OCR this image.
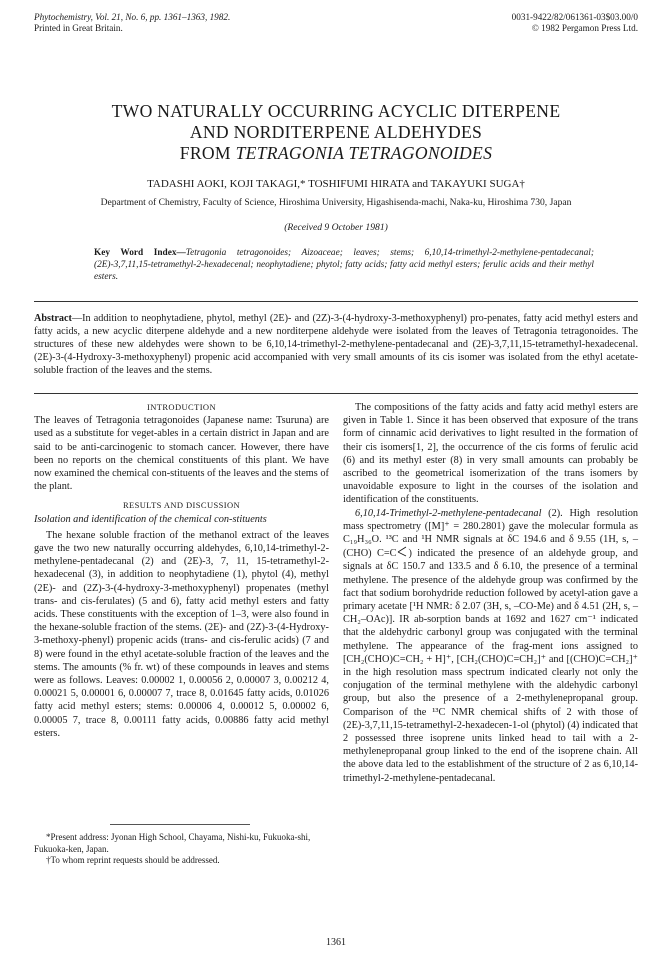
Phytochemistry, Vol. 21, No. 6, pp. 1361–1363, 1982.
Printed in Great Britain.
0031-9422/82/061361-03$03.00/0
© 1982 Pergamon Press Ltd.
TWO NATURALLY OCCURRING ACYCLIC DITERPENE
AND NORDITERPENE ALDEHYDES
FROM TETRAGONIA TETRAGONOIDES
TADASHI AOKI, KOJI TAKAGI,* TOSHIFUMI HIRATA and TAKAYUKI SUGA†
Department of Chemistry, Faculty of Science, Hiroshima University, Higashisenda-machi, Naka-ku, Hiroshima 730, Japan
(Received 9 October 1981)
Key Word Index—Tetragonia tetragonoides; Aizoaceae; leaves; stems; 6,10,14-trimethyl-2-methylene-pentadecanal; (2E)-3,7,11,15-tetramethyl-2-hexadecenal; neophytadiene; phytol; fatty acids; fatty acid methyl esters; ferulic acids and their methyl esters.
Abstract—In addition to neophytadiene, phytol, methyl (2E)- and (2Z)-3-(4-hydroxy-3-methoxyphenyl) pro-penates, fatty acid methyl esters and fatty acids, a new acyclic diterpene aldehyde and a new norditerpene aldehyde were isolated from the leaves of Tetragonia tetragonoides. The structures of these new aldehydes were shown to be 6,10,14-trimethyl-2-methylene-pentadecanal and (2E)-3,7,11,15-tetramethyl-hexadecenal. (2E)-3-(4-Hydroxy-3-methoxyphenyl) propenic acid accompanied with very small amounts of its cis isomer was isolated from the ethyl acetate-soluble fraction of the leaves and the stems.
INTRODUCTION

The leaves of Tetragonia tetragonoides (Japanese name: Tsuruna) are used as a substitute for veget-ables in a certain district in Japan and are said to be anti-carcinogenic to stomach cancer. However, there have been no reports on the chemical constituents of this plant. We have now examined the chemical con-stituents of the leaves and the stems of the plant.

RESULTS AND DISCUSSION

Isolation and identification of the chemical con-stituents

The hexane soluble fraction of the methanol extract of the leaves gave the two new naturally occurring aldehydes, 6,10,14-trimethyl-2-methylene-pentadecanal (2) and (2E)-3, 7, 11, 15-tetramethyl-2-hexadecenal (3), in addition to neophytadiene (1), phytol (4), methyl (2E)- and (2Z)-3-(4-hydroxy-3-methoxyphenyl) propenates (methyl trans- and cis-ferulates) (5 and 6), fatty acid methyl esters and fatty acids. These constituents with the exception of 1–3, were also found in the hexane-soluble fraction of the stems. (2E)- and (2Z)-3-(4-Hydroxy-3-methoxy-phenyl) propenic acids (trans- and cis-ferulic acids) (7 and 8) were found in the ethyl acetate-soluble fraction of the leaves and the stems. The amounts (% fr. wt) of these compounds in leaves and stems were as follows. Leaves: 0.00002 1, 0.00056 2, 0.00007 3, 0.00212 4, 0.00021 5, 0.00001 6, 0.00007 7, trace 8, 0.01645 fatty acids, 0.01026 fatty acid methyl esters; stems: 0.00006 4, 0.00012 5, 0.00002 6, 0.00005 7, trace 8, 0.00111 fatty acids, 0.00886 fatty acid methyl esters.

*Present address: Jyonan High School, Chayama, Nishi-ku, Fukuoka-shi, Fukuoka-ken, Japan.
†To whom reprint requests should be addressed.

The compositions of the fatty acids and fatty acid methyl esters are given in Table 1. Since it has been observed that exposure of the trans form of cinnamic acid derivatives to light resulted in the formation of their cis isomers[1, 2], the occurrence of the cis forms of ferulic acid (6) and its methyl ester (8) in very small amounts can probably be ascribed to the geometrical isomerization of the trans isomers by unavoidable exposure to light in the courses of the isolation and identification of the constituents.

6,10,14-Trimethyl-2-methylene-pentadecanal (2). High resolution mass spectrometry ([M]⁺ = 280.2801) gave the molecular formula as C₁₉H₃₆O. ¹³C and ¹H NMR signals at δC 194.6 and δ 9.55 (1H, s, –(CHO) C=C ) indicated the presence of an aldehyde group, and signals at δC 150.7 and 133.5 and δ 6.10, the presence of a terminal methylene. The presence of the aldehyde group was confirmed by the fact that sodium borohydride reduction followed by acetyl-ation gave a primary acetate [¹H NMR: δ 2.07 (3H, s, –CO-Me) and δ 4.51 (2H, s, –CH₂–OAc)]. IR ab-sorption bands at 1692 and 1627 cm⁻¹ indicated that the aldehydric carbonyl group was conjugated with the terminal methylene. The appearance of the frag-ment ions assigned to [CH₂(CHO)C=CH₂ + H]⁺, [CH₂(CHO)C=CH₂]⁺ and [(CHO)C=CH₂]⁺ in the high resolution mass spectrum indicated clearly not only the conjugation of the terminal methylene with the aldehydic carbonyl group, but also the presence of a 2-methylenepropanal group. Comparison of the ¹³C NMR chemical shifts of 2 with those of (2E)-3,7,11,15-tetramethyl-2-hexadecen-1-ol (phytol) (4) indicated that 2 possessed three isoprene units linked head to tail with a 2-methylenepropanal group linked to the end of the isoprene chain. All the above data led to the establishment of the structure of 2 as 6,10,14-trimethyl-2-methylene-pentadecanal.

1361
